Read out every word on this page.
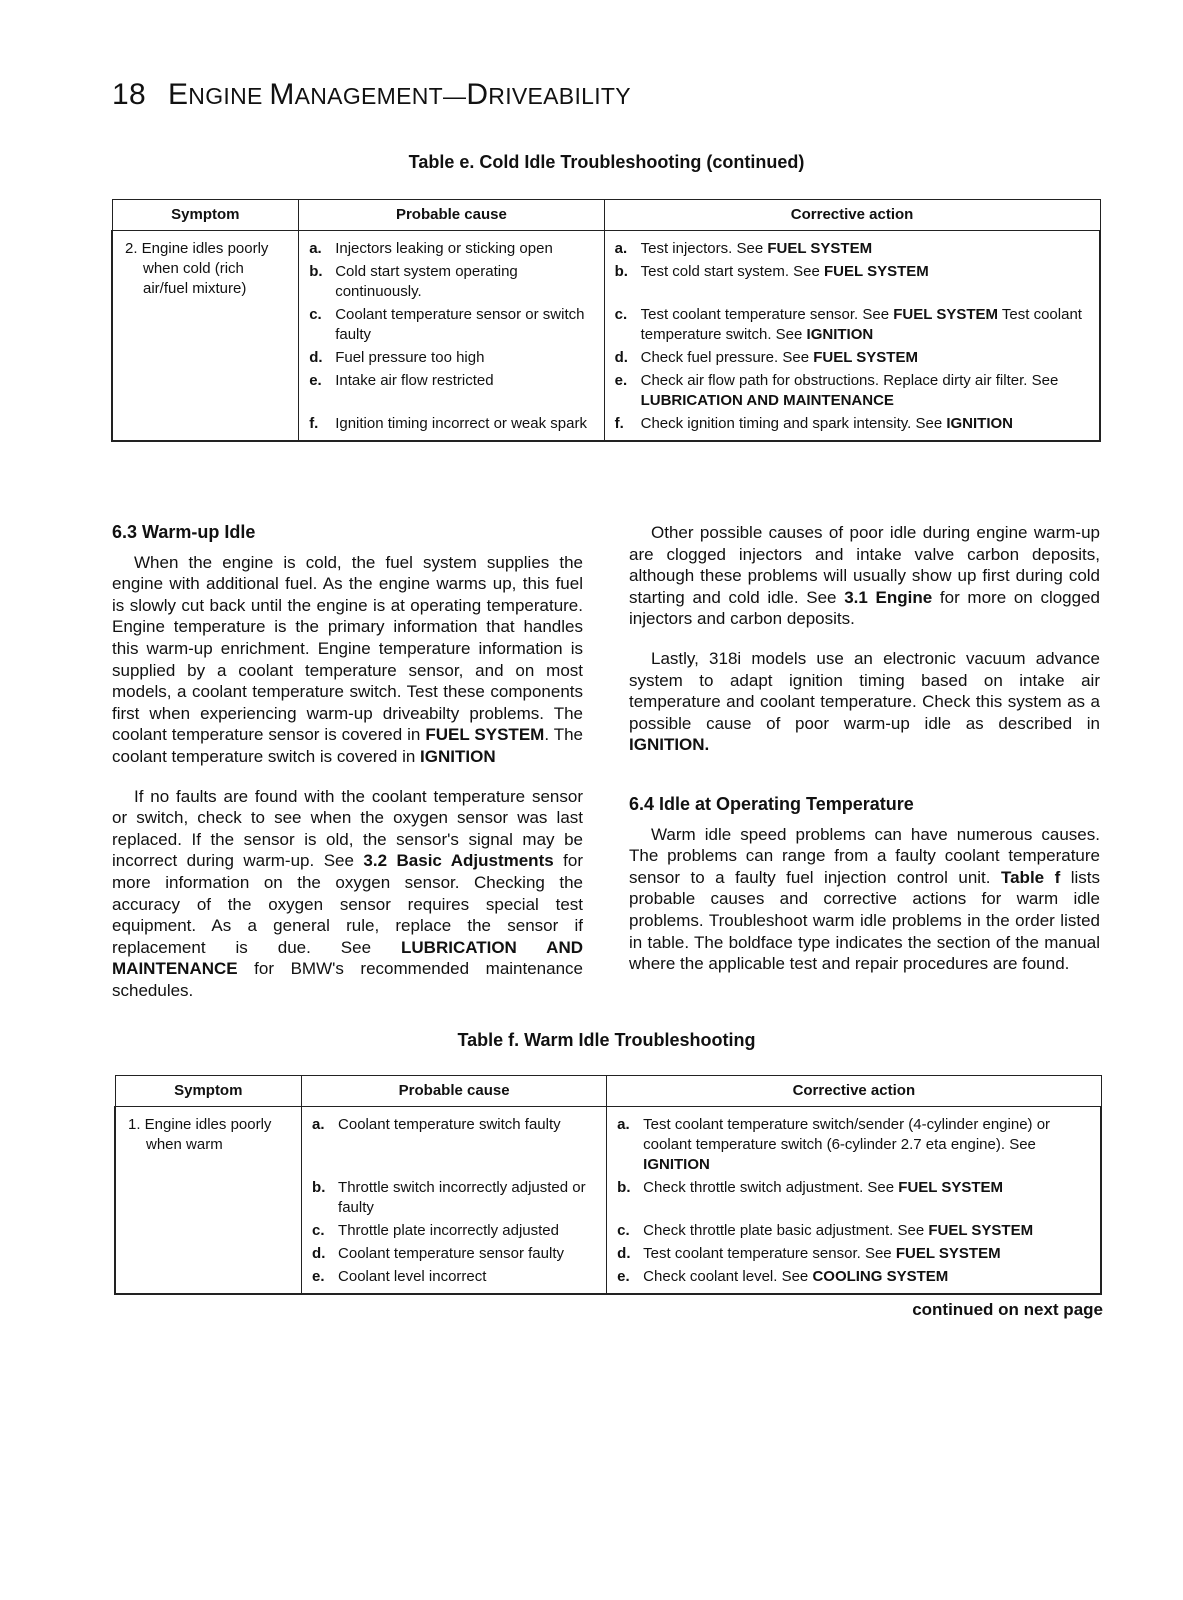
18 ENGINE MANAGEMENT—DRIVEABILITY
Table e. Cold Idle Troubleshooting (continued)
Symptom	Probable cause	Corrective action

2. Engine idles poorly when cold (rich air/fuel mixture)	a. Injectors leaking or sticking open	a. Test injectors. See FUEL SYSTEM

	b. Cold start system operating continuously.	b. Test cold start system. See FUEL SYSTEM

	c. Coolant temperature sensor or switch faulty	c. Test coolant temperature sensor. See FUEL SYSTEM Test coolant temperature switch. See IGNITION

	d. Fuel pressure too high	d. Check fuel pressure. See FUEL SYSTEM

	e. Intake air flow restricted	e. Check air flow path for obstructions. Replace dirty air filter. See LUBRICATION AND MAINTENANCE

	f. Ignition timing incorrect or weak spark	f. Check ignition timing and spark intensity. See IGNITION
6.3 Warm-up Idle

When the engine is cold, the fuel system supplies the engine with additional fuel. As the engine warms up, this fuel is slowly cut back until the engine is at operating temperature. Engine temperature is the primary information that handles this warm-up enrichment. Engine temperature information is supplied by a coolant temperature sensor, and on most models, a coolant temperature switch. Test these components first when experiencing warm-up driveabilty problems. The coolant temperature sensor is covered in FUEL SYSTEM. The coolant temperature switch is covered in IGNITION

If no faults are found with the coolant temperature sensor or switch, check to see when the oxygen sensor was last replaced. If the sensor is old, the sensor's signal may be incorrect during warm-up. See 3.2 Basic Adjustments for more information on the oxygen sensor. Checking the accuracy of the oxygen sensor requires special test equipment. As a general rule, replace the sensor if replacement is due. See LUBRICATION AND MAINTENANCE for BMW's recommended maintenance schedules.

Other possible causes of poor idle during engine warm-up are clogged injectors and intake valve carbon deposits, although these problems will usually show up first during cold starting and cold idle. See 3.1 Engine for more on clogged injectors and carbon deposits.

Lastly, 318i models use an electronic vacuum advance system to adapt ignition timing based on intake air temperature and coolant temperature. Check this system as a possible cause of poor warm-up idle as described in IGNITION.

6.4 Idle at Operating Temperature

Warm idle speed problems can have numerous causes. The problems can range from a faulty coolant temperature sensor to a faulty fuel injection control unit. Table f lists probable causes and corrective actions for warm idle problems. Troubleshoot warm idle problems in the order listed in table. The boldface type indicates the section of the manual where the applicable test and repair procedures are found.

Table f. Warm Idle Troubleshooting
Symptom	Probable cause	Corrective action

1. Engine idles poorly when warm	a. Coolant temperature switch faulty	a. Test coolant temperature switch/sender (4-cylinder engine) or coolant temperature switch (6-cylinder 2.7 eta engine). See IGNITION

	b. Throttle switch incorrectly adjusted or faulty	b. Check throttle switch adjustment. See FUEL SYSTEM

	c. Throttle plate incorrectly adjusted	c. Check throttle plate basic adjustment. See FUEL SYSTEM

	d. Coolant temperature sensor faulty	d. Test coolant temperature sensor. See FUEL SYSTEM

	e. Coolant level incorrect	e. Check coolant level. See COOLING SYSTEM
continued on next page
